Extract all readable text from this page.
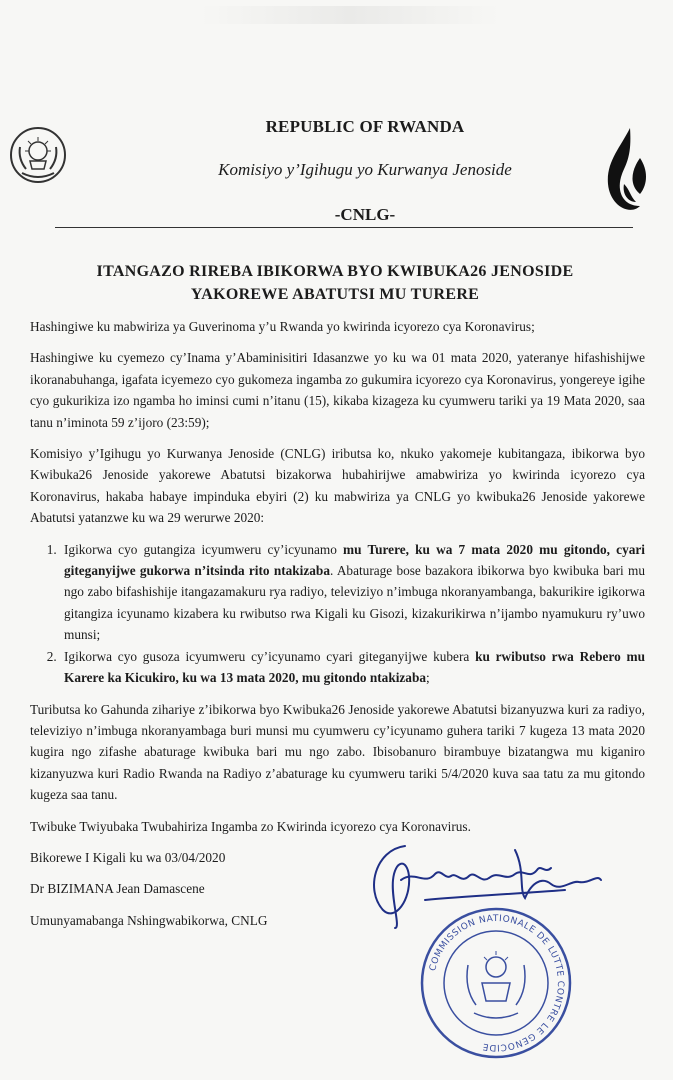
REPUBLIC OF RWANDA
Komisiyo y’Igihugu yo Kurwanya Jenoside
-CNLG-
ITANGAZO RIREBA IBIKORWA BYO KWIBUKA26 JENOSIDE
YAKOREWE ABATUTSI MU TURERE

Hashingiwe ku mabwiriza ya Guverinoma y’u Rwanda yo kwirinda icyorezo cya Koronavirus;

Hashingiwe ku cyemezo cy’Inama y’Abaminisitiri Idasanzwe yo ku wa 01 mata 2020, yateranye hifashishijwe ikoranabuhanga, igafata icyemezo cyo gukomeza ingamba zo gukumira icyorezo cya Koronavirus, yongereye igihe cyo gukurikiza izo ngamba ho iminsi cumi n’itanu (15), kikaba kizageza ku cyumweru tariki ya 19 Mata 2020, saa tanu n’iminota 59 z’ijoro (23:59);

Komisiyo y’Igihugu yo Kurwanya Jenoside (CNLG) iributsa ko, nkuko yakomeje kubitangaza, ibikorwa byo Kwibuka26 Jenoside yakorewe Abatutsi bizakorwa hubahirijwe amabwiriza yo kwirinda icyorezo cya Koronavirus, hakaba habaye impinduka ebyiri (2) ku mabwiriza ya CNLG yo kwibuka26 Jenoside yakorewe Abatutsi yatanzwe ku wa 29 werurwe 2020:

1. Igikorwa cyo gutangiza icyumweru cy’icyunamo mu Turere, ku wa 7 mata 2020 mu gitondo, cyari giteganyijwe gukorwa n’itsinda rito ntakizaba. Abaturage bose bazakora ibikorwa byo kwibuka bari mu ngo zabo bifashishije itangazamakuru rya radiyo, televiziyo n’imbuga nkoranyambanga, bakurikire igikorwa gitangiza icyunamo kizabera ku rwibutso rwa Kigali ku Gisozi, kizakurikirwa n’ijambo nyamukuru ry’uwo munsi;
2. Igikorwa cyo gusoza icyumweru cy’icyunamo cyari giteganyijwe kubera ku rwibutso rwa Rebero mu Karere ka Kicukiro, ku wa 13 mata 2020, mu gitondo ntakizaba;

Tuributsa ko Gahunda zihariye z’ibikorwa byo Kwibuka26 Jenoside yakorewe Abatutsi bizanyuzwa kuri za radiyo, televiziyo n’imbuga nkoranyambaga buri munsi mu cyumweru cy’icyunamo guhera tariki 7 kugeza 13 mata 2020 kugira ngo zifashe abaturage kwibuka bari mu ngo zabo. Ibisobanuro birambuye bizatangwa mu kiganiro kizanyuzwa kuri Radio Rwanda na Radiyo z’abaturage ku cyumweru tariki 5/4/2020 kuva saa tatu za mu gitondo kugeza saa tanu.

Twibuke Twiyubaka Twubahiriza Ingamba zo Kwirinda icyorezo cya Koronavirus.

Bikorewe I Kigali ku wa 03/04/2020

Dr BIZIMANA Jean Damascene

Umunyamabanga Nshingwabikorwa, CNLG

COMMISSION NATIONALE DE LUTTE CONTRE LE GENOCIDE
